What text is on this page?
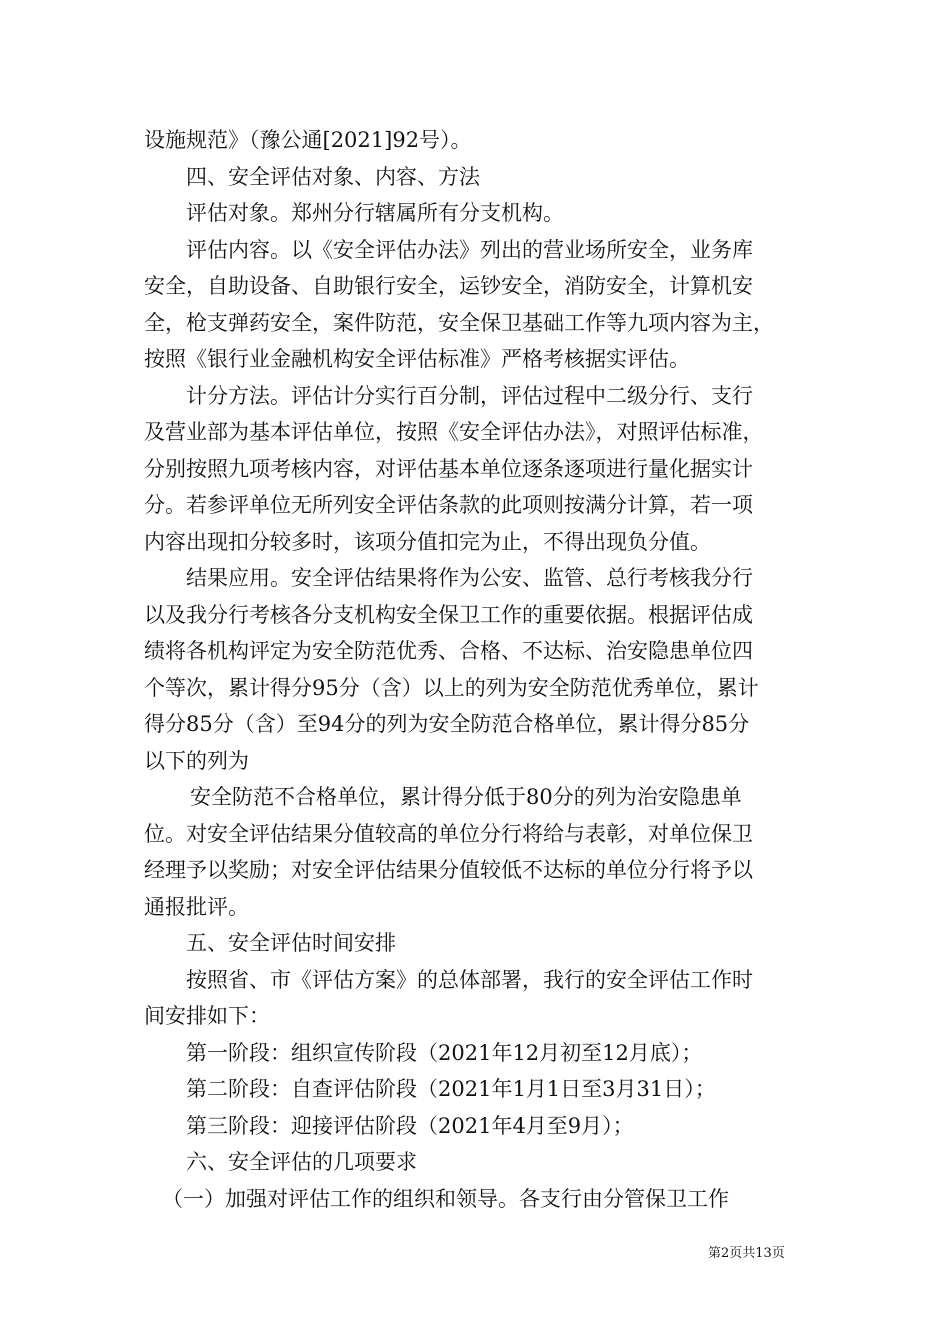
设施规范》（豫公通[2021]92号）。
四、安全评估对象、内容、方法
评估对象。郑州分行辖属所有分支机构。
评估内容。以《安全评估办法》列出的营业场所安全，业务库
安全，自助设备、自助银行安全，运钞安全，消防安全，计算机安
全，枪支弹药安全，案件防范，安全保卫基础工作等九项内容为主，
按照《银行业金融机构安全评估标准》严格考核据实评估。
计分方法。评估计分实行百分制，评估过程中二级分行、支行
及营业部为基本评估单位，按照《安全评估办法》，对照评估标准，
分别按照九项考核内容，对评估基本单位逐条逐项进行量化据实计
分。若参评单位无所列安全评估条款的此项则按满分计算，若一项
内容出现扣分较多时，该项分值扣完为止，不得出现负分值。
结果应用。安全评估结果将作为公安、监管、总行考核我分行
以及我分行考核各分支机构安全保卫工作的重要依据。根据评估成
绩将各机构评定为安全防范优秀、合格、不达标、治安隐患单位四
个等次，累计得分95分（含）以上的列为安全防范优秀单位，累计
得分85分（含）至94分的列为安全防范合格单位，累计得分85分
以下的列为
安全防范不合格单位，累计得分低于80分的列为治安隐患单
位。对安全评估结果分值较高的单位分行将给与表彰，对单位保卫
经理予以奖励；对安全评估结果分值较低不达标的单位分行将予以
通报批评。
五、安全评估时间安排
按照省、市《评估方案》的总体部署，我行的安全评估工作时
间安排如下：
第一阶段：组织宣传阶段（2021年12月初至12月底）；
第二阶段：自查评估阶段（2021年1月1日至3月31日）；
第三阶段：迎接评估阶段（2021年4月至9月）；
六、安全评估的几项要求
（一）加强对评估工作的组织和领导。各支行由分管保卫工作
第2页共13页
